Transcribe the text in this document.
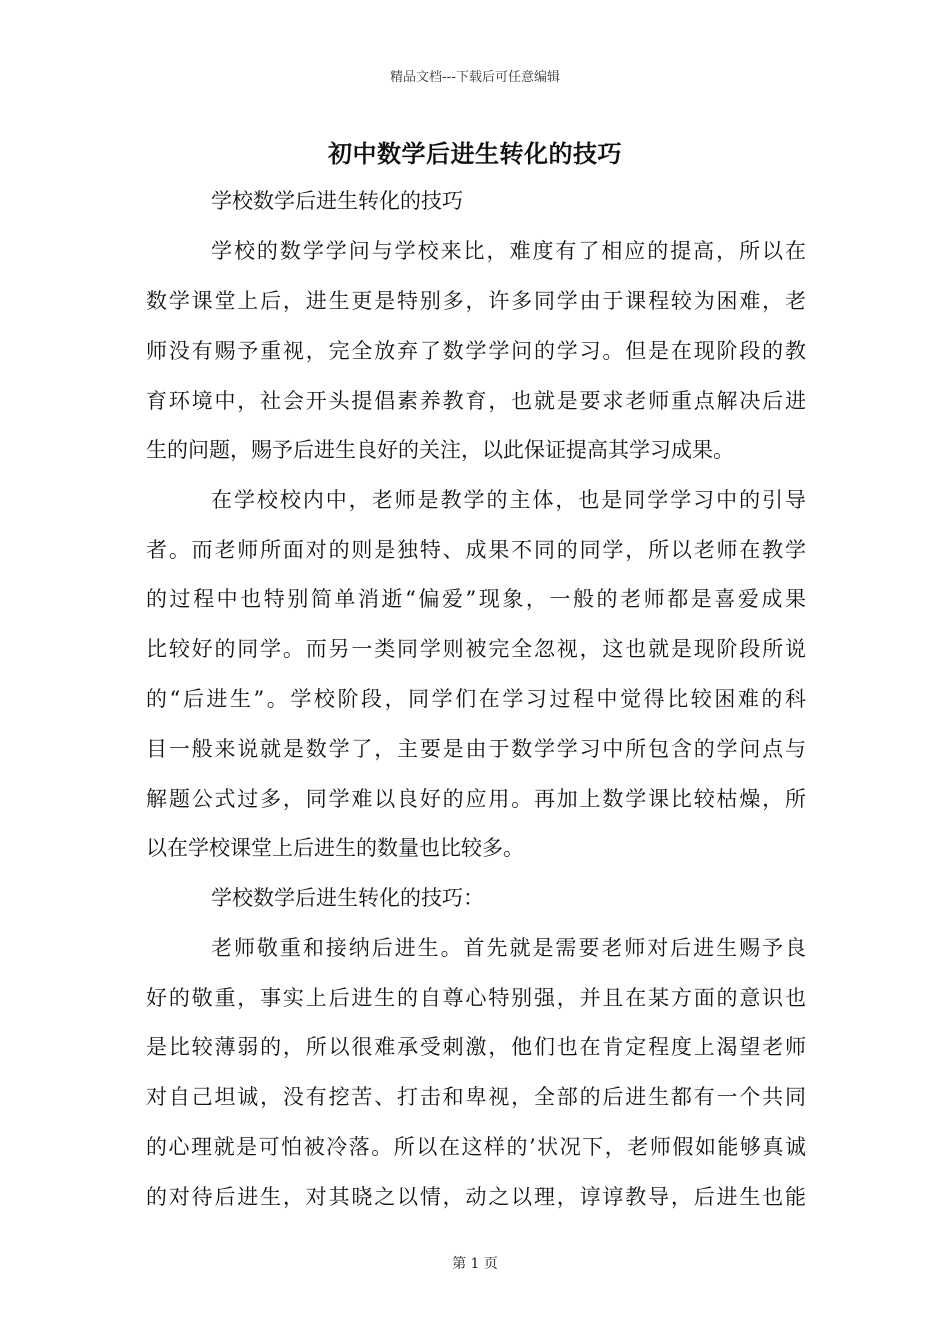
精品文档---下载后可任意编辑
初中数学后进生转化的技巧
学校数学后进生转化的技巧
学校的数学学问与学校来比，难度有了相应的提高，所以在
数学课堂上后，进生更是特别多，许多同学由于课程较为困难，老
师没有赐予重视，完全放弃了数学学问的学习。但是在现阶段的教
育环境中，社会开头提倡素养教育，也就是要求老师重点解决后进
生的问题，赐予后进生良好的关注，以此保证提高其学习成果。
在学校校内中，老师是教学的主体，也是同学学习中的引导
者。而老师所面对的则是独特、成果不同的同学，所以老师在教学
的过程中也特别简单消逝“偏爱”现象，一般的老师都是喜爱成果
比较好的同学。而另一类同学则被完全忽视，这也就是现阶段所说
的“后进生”。学校阶段，同学们在学习过程中觉得比较困难的科
目一般来说就是数学了，主要是由于数学学习中所包含的学问点与
解题公式过多，同学难以良好的应用。再加上数学课比较枯燥，所
以在学校课堂上后进生的数量也比较多。
学校数学后进生转化的技巧：
老师敬重和接纳后进生。首先就是需要老师对后进生赐予良
好的敬重，事实上后进生的自尊心特别强，并且在某方面的意识也
是比较薄弱的，所以很难承受刺激，他们也在肯定程度上渴望老师
对自己坦诚，没有挖苦、打击和卑视，全部的后进生都有一个共同
的心理就是可怕被冷落。所以在这样的’状况下，老师假如能够真诚
的对待后进生，对其晓之以情，动之以理，谆谆教导，后进生也能
第 1 页
